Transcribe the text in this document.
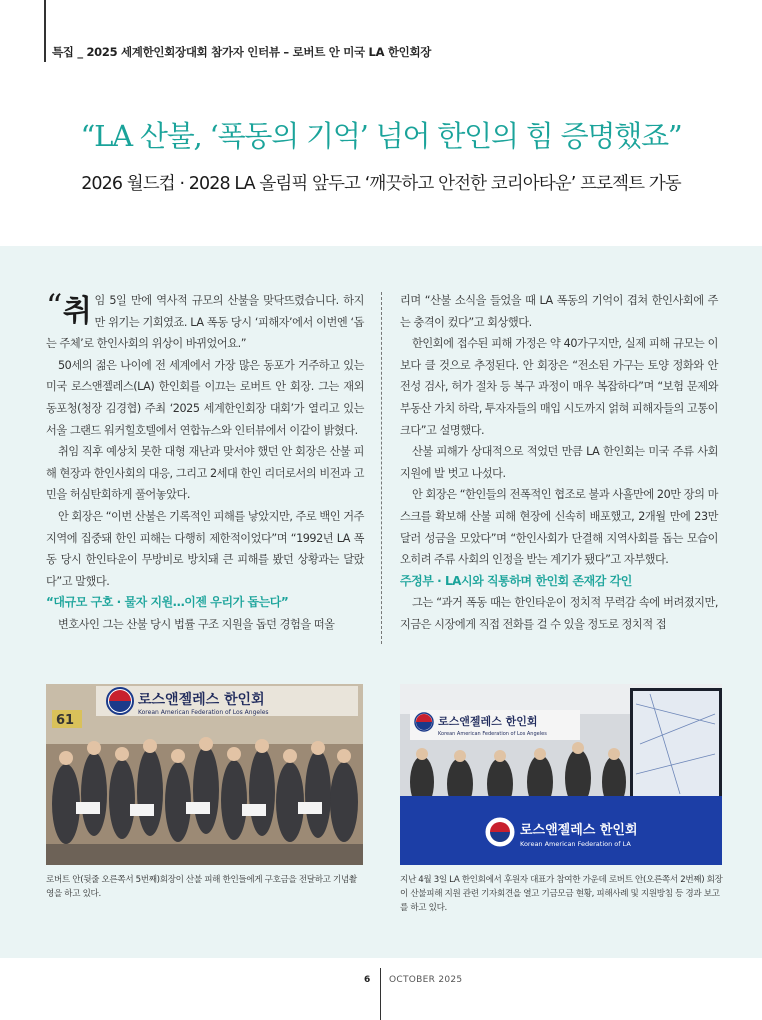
특집 _ 2025 세계한인회장대회 참가자 인터뷰 – 로버트 안 미국 LA 한인회장
“LA 산불, ‘폭동의 기억’ 넘어 한인의 힘 증명했죠”
2026 월드컵 · 2028 LA 올림픽 앞두고 ‘깨끗하고 안전한 코리아타운’ 프로젝트 가동
“ 취 임 5일 만에 역사적 규모의 산불을 맞닥뜨렸습니다. 하지만 위기는 기회였죠. LA 폭동 당시 ‘피해자’에서 이번엔 ‘돕는 주체’로 한인사회의 위상이 바뀌었어요.”

50세의 젊은 나이에 전 세계에서 가장 많은 동포가 거주하고 있는 미국 로스앤젤레스(LA) 한인회를 이끄는 로버트 안 회장. 그는 재외동포청(청장 김경협) 주최 ‘2025 세계한인회장 대회’가 열리고 있는 서울 그랜드 워커힐호텔에서 연합뉴스와 인터뷰에서 이같이 밝혔다.

취임 직후 예상치 못한 대형 재난과 맞서야 했던 안 회장은 산불 피해 현장과 한인사회의 대응, 그리고 2세대 한인 리더로서의 비전과 고민을 허심탄회하게 풀어놓았다.

안 회장은 “이번 산불은 기록적인 피해를 낳았지만, 주로 백인 거주 지역에 집중돼 한인 피해는 다행히 제한적이었다”며 “1992년 LA 폭동 당시 한인타운이 무방비로 방치돼 큰 피해를 봤던 상황과는 달랐다”고 말했다.

“대규모 구호 · 물자 지원…이젠 우리가 돕는다”

변호사인 그는 산불 당시 법률 구조 지원을 돕던 경험을 떠올

리며 “산불 소식을 들었을 때 LA 폭동의 기억이 겹쳐 한인사회에 주는 충격이 컸다”고 회상했다.

한인회에 접수된 피해 가정은 약 40가구지만, 실제 피해 규모는 이보다 클 것으로 추정된다. 안 회장은 “전소된 가구는 토양 정화와 안전성 검사, 허가 절차 등 복구 과정이 매우 복잡하다”며 “보험 문제와 부동산 가치 하락, 투자자들의 매입 시도까지 얽혀 피해자들의 고통이 크다”고 설명했다.

산불 피해가 상대적으로 적었던 만큼 LA 한인회는 미국 주류 사회 지원에 발 벗고 나섰다.

안 회장은 “한인들의 전폭적인 협조로 불과 사흘만에 20만 장의 마스크를 확보해 산불 피해 현장에 신속히 배포했고, 2개월 만에 23만 달러 성금을 모았다”며 “한인사회가 단결해 지역사회를 돕는 모습이 오히려 주류 사회의 인정을 받는 계기가 됐다”고 자부했다.

주정부 · LA시와 직통하며 한인회 존재감 각인

그는 “과거 폭동 때는 한인타운이 정치적 무력감 속에 버려졌지만, 지금은 시장에게 직접 전화를 걸 수 있을 정도로 정치적 접

로스앤젤레스 한인회
Korean American Federation of Los Angeles
61	로스앤젤레스 한인회
Korean American Federation of Los Angeles
로스앤젤레스 한인회
Korean American Federation of LA
로버트 안(뒷줄 오른쪽서 5번째)회장이 산불 피해 한인들에게 구호금을 전달하고 기념촬영을 하고 있다.
지난 4월 3일 LA 한인회에서 후원자 대표가 참여한 가운데 로버트 안(오른쪽서 2번째) 회장이 산불피해 지원 관련 기자회견을 열고 기금모금 현황, 피해사례 및 지원방침 등 경과 보고를 하고 있다.
6 OCTOBER 2025
